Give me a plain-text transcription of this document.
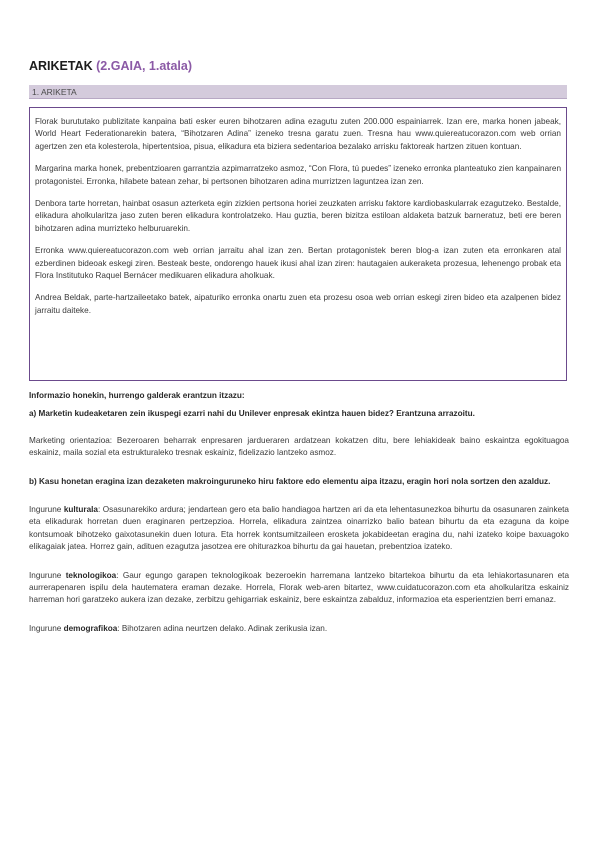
ARIKETAK (2.GAIA, 1.atala)
1. ARIKETA

Florak burututako publizitate kanpaina bati esker euren bihotzaren adina ezagutu zuten 200.000 espainiarrek. Izan ere, marka honen jabeak, World Heart Federationarekin batera, “Bihotzaren Adina” izeneko tresna garatu zuen. Tresna hau www.quiereatucorazon.com web orrian agertzen zen eta kolesterola, hipertentsioa, pisua, elikadura eta biziera sedentarioa bezalako arrisku faktoreak hartzen zituen kontuan.

Margarina marka honek, prebentzioaren garrantzia azpimarratzeko asmoz, “Con Flora, tú puedes” izeneko erronka planteatuko zien kanpainaren protagonistei. Erronka, hilabete batean zehar, bi pertsonen bihotzaren adina murriztzen laguntzea izan zen.

Denbora tarte horretan, hainbat osasun azterketa egin zizkien pertsona horiei zeuzkaten arrisku faktore kardiobaskularrak ezagutzeko. Bestalde, elikadura aholkularitza jaso zuten beren elikadura kontrolatzeko. Hau guztia, beren bizitza estiloan aldaketa batzuk barneratuz, beti ere beren bihotzaren adina murrizteko helburuarekin.

Erronka www.quiereatucorazon.com web orrian jarraitu ahal izan zen. Bertan protagonistek beren blog-a izan zuten eta erronkaren atal ezberdinen bideoak eskegi ziren. Besteak beste, ondorengo hauek ikusi ahal izan ziren: hautagaien aukeraketa prozesua, lehenengo probak eta Flora Institutuko Raquel Bernácer medikuaren elikadura aholkuak.

Andrea Beldak, parte-hartzaileetako batek, aipaturiko erronka onartu zuen eta prozesu osoa web orrian eskegi ziren bideo eta azalpenen bidez jarraitu daiteke.

Informazio honekin, hurrengo galderak erantzun itzazu:

a) Marketin kudeaketaren zein ikuspegi ezarri nahi du Unilever enpresak ekintza hauen bidez? Erantzuna arrazoitu.

Marketing orientazioa: Bezeroaren beharrak enpresaren jardueraren ardatzean kokatzen ditu, bere lehiakideak baino eskaintza egokituagoa eskainiz, maila sozial eta estrukturaleko tresnak eskainiz, fidelizazio lantzeko asmoz.

b) Kasu honetan eragina izan dezaketen makroinguruneko hiru faktore edo elementu aipa itzazu, eragin hori nola sortzen den azalduz.

Ingurune kulturala: Osasunarekiko ardura; jendartean gero eta balio handiagoa hartzen ari da eta lehentasunezkoa bihurtu da osasunaren zainketa eta elikadurak horretan duen eraginaren pertzepzioa. Horrela, elikadura zaintzea oinarrizko balio batean bihurtu da eta ezaguna da koipe kontsumoak bihotzeko gaixotasunekin duen lotura. Eta horrek kontsumitzaileen erosketa jokabideetan eragina du, nahi izateko koipe baxuagoko elikagaiak jatea. Horrez gain, adituen ezagutza jasotzea ere ohiturazkoa bihurtu da gai hauetan, prebentzioa izateko.

Ingurune teknologikoa: Gaur egungo garapen teknologikoak bezeroekin harremana lantzeko bitartekoa bihurtu da eta lehiakortasunaren eta aurrerapenaren ispilu dela hautematera eraman dezake. Horrela, Florak web-aren bitartez, www.cuidatucorazon.com eta aholkularitza eskainiz harreman hori garatzeko aukera izan dezake, zerbitzu gehigarriak eskainiz, bere eskaintza zabalduz, informazioa eta esperientzien berri emanaz.

Ingurune demografikoa: Bihotzaren adina neurtzen delako. Adinak zerikusia izan.
